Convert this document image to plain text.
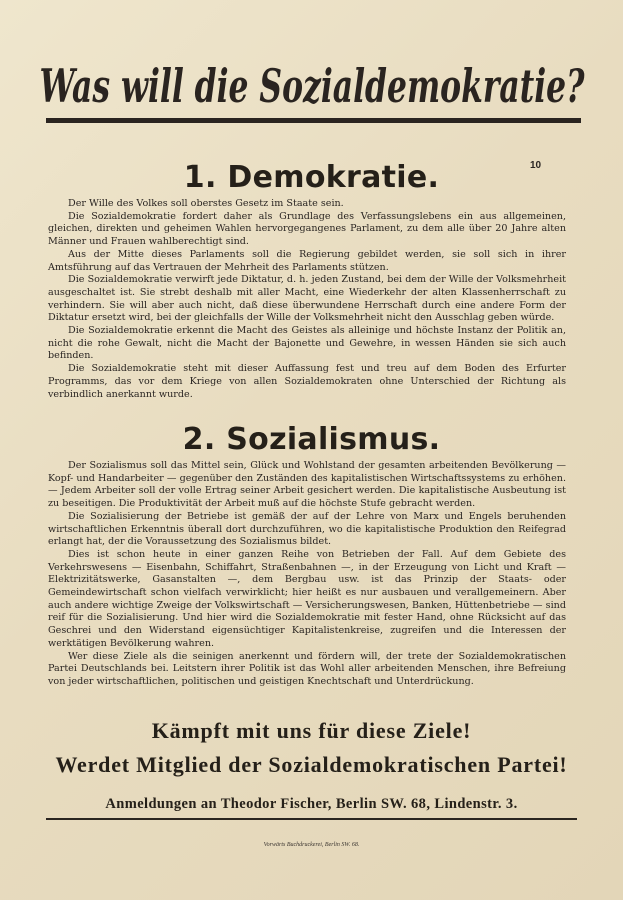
Was will die Sozialdemokratie?
10
1. Demokratie.

Der Wille des Volkes soll oberstes Gesetz im Staate sein.

Die Sozialdemokratie fordert daher als Grundlage des Verfassungslebens ein aus allgemeinen, gleichen, direkten und geheimen Wahlen hervorgegangenes Parlament, zu dem alle über 20 Jahre alten Männer und Frauen wahlberechtigt sind.

Aus der Mitte dieses Parlaments soll die Regierung gebildet werden, sie soll sich in ihrer Amtsführung auf das Vertrauen der Mehrheit des Parlaments stützen.

Die Sozialdemokratie verwirft jede Diktatur, d. h. jeden Zustand, bei dem der Wille der Volksmehrheit ausgeschaltet ist. Sie strebt deshalb mit aller Macht, eine Wiederkehr der alten Klassenherrschaft zu verhindern. Sie will aber auch nicht, daß diese überwundene Herrschaft durch eine andere Form der Diktatur ersetzt wird, bei der gleichfalls der Wille der Volksmehrheit nicht den Ausschlag geben würde.

Die Sozialdemokratie erkennt die Macht des Geistes als alleinige und höchste Instanz der Politik an, nicht die rohe Gewalt, nicht die Macht der Bajonette und Gewehre, in wessen Händen sie sich auch befinden.

Die Sozialdemokratie steht mit dieser Auffassung fest und treu auf dem Boden des Erfurter Programms, das vor dem Kriege von allen Sozialdemokraten ohne Unterschied der Richtung als verbindlich anerkannt wurde.

2. Sozialismus.

Der Sozialismus soll das Mittel sein, Glück und Wohlstand der gesamten arbeitenden Bevölkerung — Kopf- und Handarbeiter — gegenüber den Zuständen des kapitalistischen Wirtschaftssystems zu erhöhen. — Jedem Arbeiter soll der volle Ertrag seiner Arbeit gesichert werden. Die kapitalistische Ausbeutung ist zu beseitigen. Die Produktivität der Arbeit muß auf die höchste Stufe gebracht werden.

Die Sozialisierung der Betriebe ist gemäß der auf der Lehre von Marx und Engels beruhenden wirtschaftlichen Erkenntnis überall dort durchzuführen, wo die kapitalistische Produktion den Reifegrad erlangt hat, der die Voraussetzung des Sozialismus bildet.

Dies ist schon heute in einer ganzen Reihe von Betrieben der Fall. Auf dem Gebiete des Verkehrswesens — Eisenbahn, Schiffahrt, Straßenbahnen —, in der Erzeugung von Licht und Kraft — Elektrizitätswerke, Gasanstalten —, dem Bergbau usw. ist das Prinzip der Staats- oder Gemeindewirtschaft schon vielfach verwirklicht; hier heißt es nur ausbauen und verallgemeinern. Aber auch andere wichtige Zweige der Volkswirtschaft — Versicherungswesen, Banken, Hüttenbetriebe — sind reif für die Sozialisierung. Und hier wird die Sozialdemokratie mit fester Hand, ohne Rücksicht auf das Geschrei und den Widerstand eigensüchtiger Kapitalistenkreise, zugreifen und die Interessen der werktätigen Bevölkerung wahren.

Wer diese Ziele als die seinigen anerkennt und fördern will, der trete der Sozialdemokratischen Partei Deutschlands bei. Leitstern ihrer Politik ist das Wohl aller arbeitenden Menschen, ihre Befreiung von jeder wirtschaftlichen, politischen und geistigen Knechtschaft und Unterdrückung.

Kämpft mit uns für diese Ziele!
Werdet Mitglied der Sozialdemokratischen Partei!
Anmeldungen an Theodor Fischer, Berlin SW. 68, Lindenstr. 3.
Vorwärts Buchdruckerei, Berlin SW. 68.
